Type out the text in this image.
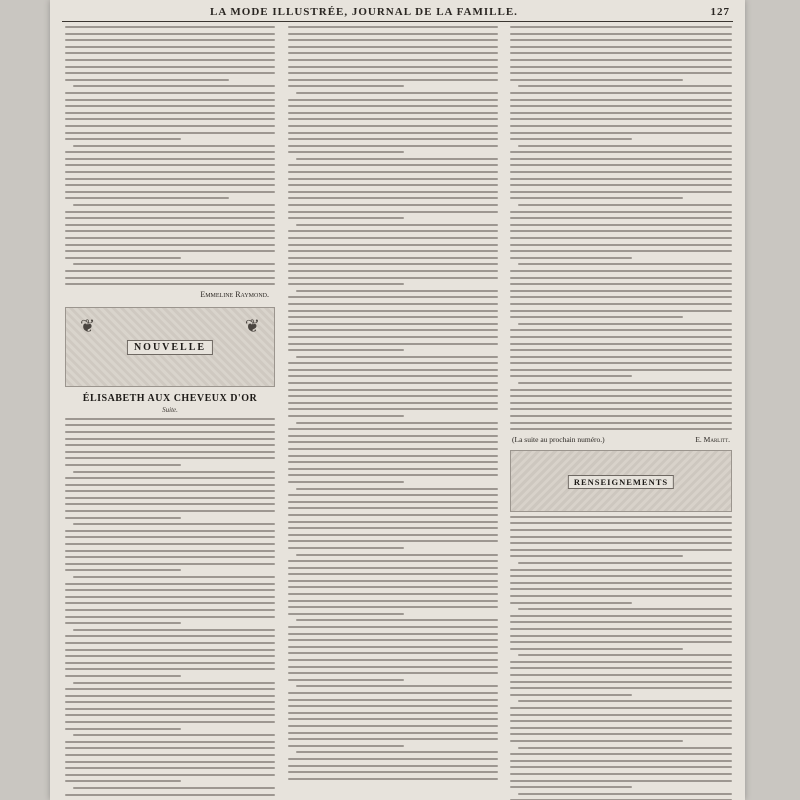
LA MODE ILLUSTRÉE, JOURNAL DE LA FAMILLE.	127
Emmeline Raymond.
❦	❦
NOUVELLE
ÉLISABETH AUX CHEVEUX D'OR
Suite.
(La suite au prochain numéro.)	E. Marlitt.
RENSEIGNEMENTS
